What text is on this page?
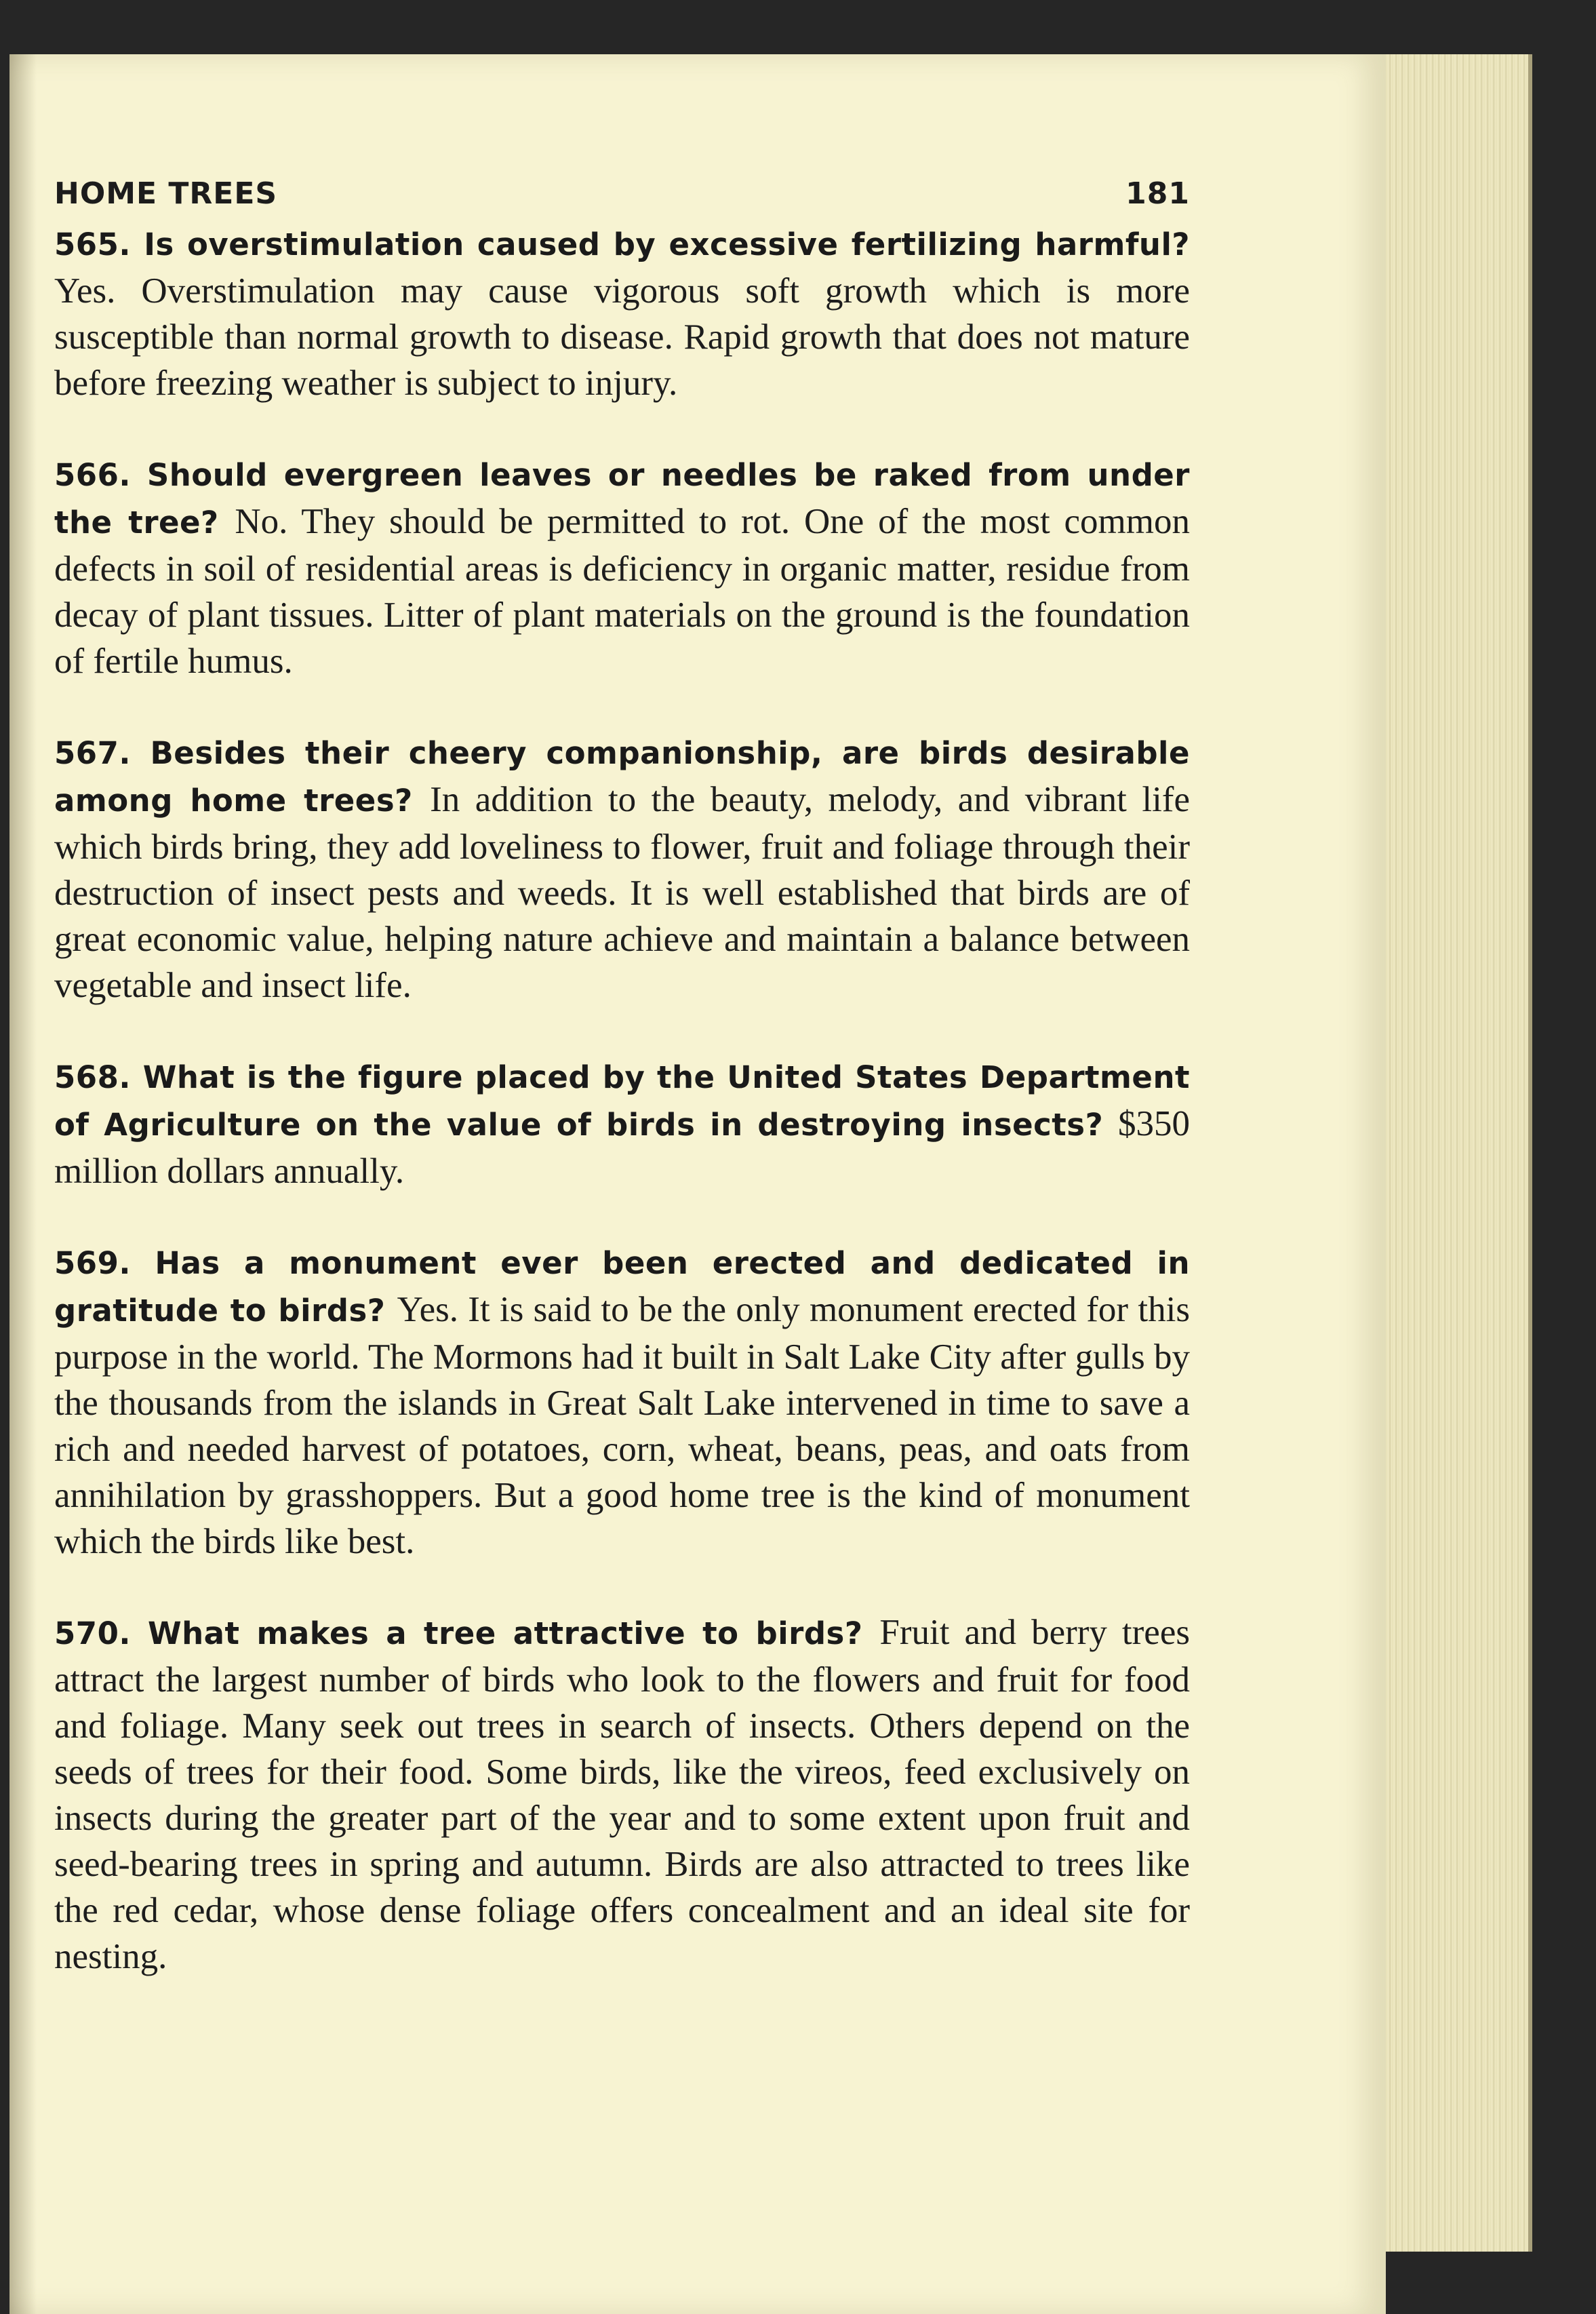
HOME TREES	181

565. Is overstimulation caused by excessive fertilizing harmful? Yes. Overstimulation may cause vigorous soft growth which is more susceptible than normal growth to disease. Rapid growth that does not mature before freezing weather is subject to injury.

566. Should evergreen leaves or needles be raked from under the tree? No. They should be permitted to rot. One of the most common defects in soil of residential areas is deficiency in organic matter, residue from decay of plant tissues. Litter of plant materials on the ground is the foundation of fertile humus.

567. Besides their cheery companionship, are birds desirable among home trees? In addition to the beauty, melody, and vibrant life which birds bring, they add loveliness to flower, fruit and foliage through their destruction of insect pests and weeds. It is well established that birds are of great economic value, helping nature achieve and maintain a balance between vegetable and insect life.

568. What is the figure placed by the United States Department of Agriculture on the value of birds in destroying insects? $350 million dollars annually.

569. Has a monument ever been erected and dedicated in gratitude to birds? Yes. It is said to be the only monument erected for this purpose in the world. The Mormons had it built in Salt Lake City after gulls by the thousands from the islands in Great Salt Lake intervened in time to save a rich and needed harvest of potatoes, corn, wheat, beans, peas, and oats from annihilation by grasshoppers. But a good home tree is the kind of monument which the birds like best.

570. What makes a tree attractive to birds? Fruit and berry trees attract the largest number of birds who look to the flowers and fruit for food and foliage. Many seek out trees in search of insects. Others depend on the seeds of trees for their food. Some birds, like the vireos, feed exclusively on insects during the greater part of the year and to some extent upon fruit and seed-bearing trees in spring and autumn. Birds are also attracted to trees like the red cedar, whose dense foliage offers concealment and an ideal site for nesting.
